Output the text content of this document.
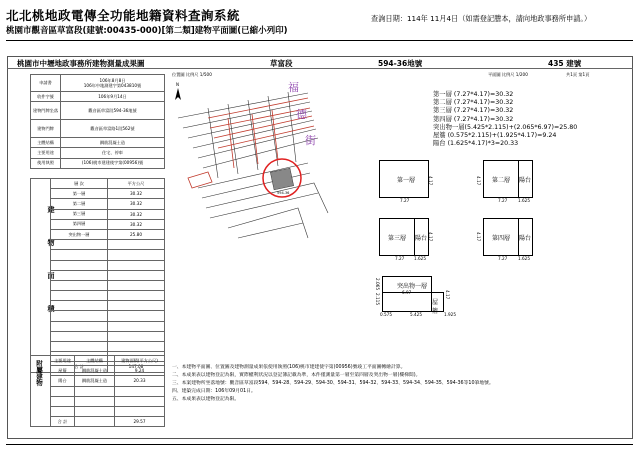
北北桃地政電傳全功能地籍資料查詢系統
桃園市觀音區草富段(建號:00435-000)[第二類]建物平面圖(已縮小列印)
查詢日期：114年 11月4日（如需登記謄本，請向地政事務所申請。）
桃園市中壢地政事務所建物測量成果圖	草富段	594-36地號	435 建號
位置圖 比例尺 1/500	平面圖 比例尺 1/200	共1頁 第1頁
申請書	106年8月8日
106年中地測建字第043810號
收件字號	106年9月14日
建物門牌坐落	觀音區草富段594-36地號
建物門牌	觀音區草富路1段562號
主體結構	鋼筋混凝土造
主要用途	住宅、停車
使用執照	(106)桃市建建使字第(00956)號
建物面積
	層 次	平方公尺
	第一層	30.32
	第二層	30.32
	第三層	30.32
	第四層	30.32
	突出物一層	25.80

	合 計	147.08
	主要用途	主體結構	建物面積(平方公尺)
	屋簷	鋼筋混凝土造	9.24
	陽台	鋼筋混凝土造	20.33

	合 計		29.57
附屬建物
福
德
街
594-36
N
第一層 (7.27*4.17)=30.32
第二層 (7.27*4.17)=30.32
第三層 (7.27*4.17)=30.32
第四層 (7.27*4.17)=30.32
突出物一層(5.425*2.115)+(2.065*6.97)=25.80
屋簷 (0.575*2.115)+(1.925*4.17)=9.24
陽台 (1.625*4.17)*3=20.33
第一層
7.27
4.17	第二層 陽台
7.27	1.625
4.17
第三層 陽台
7.27 1.625
4.17	第四層 陽台
7.27	1.625
4.17
突出物一層
屋簷
6.97
2.065
2.115
0.575	5.425	1.925
4.17
一、本建物平面圖、位置圖及建物測量成果依使用執照(106)桃市建建使字第(00956)號竣工平面圖轉繪計算。
二、本成果表以建物登記為限，實際權利狀況以登記簿記載為準，本件僅測量第一層至第四層及突出物一層(樓梯間)。
三、本案建物所坐落地號：觀音區草富段594、594-28、594-29、594-30、594-31、594-32、594-33、594-34、594-35、594-36等10筆地號。
四、建築完成日期：106年09月01日。
五、本成果表以建物登記為限。
